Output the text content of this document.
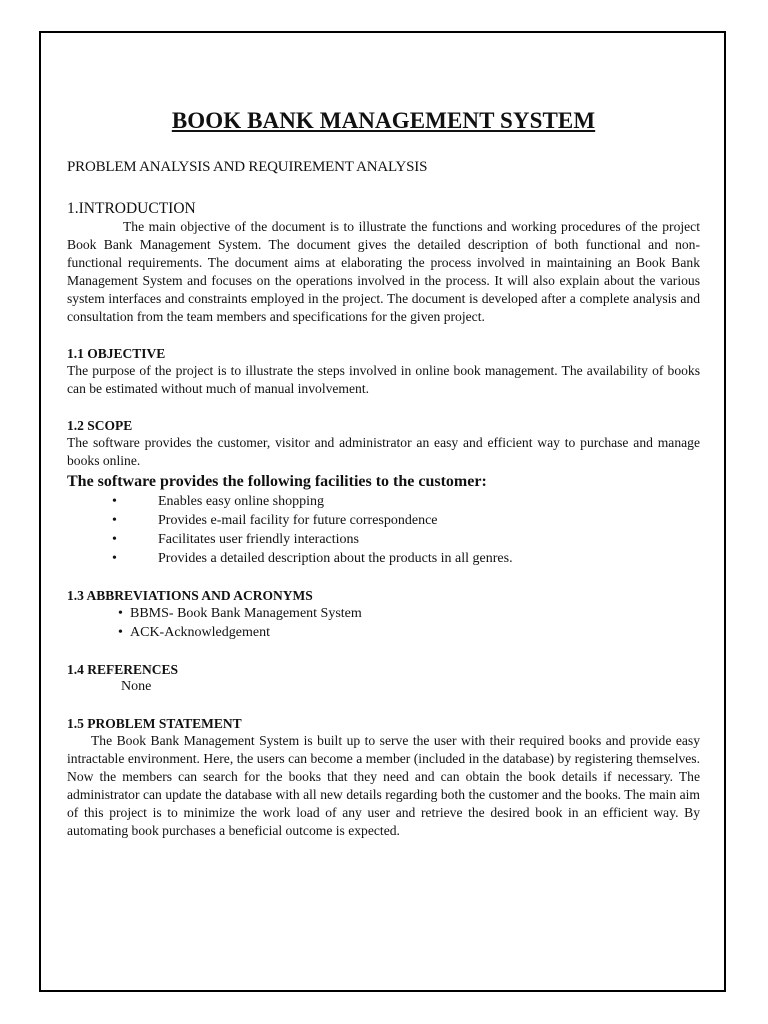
BOOK BANK MANAGEMENT SYSTEM
PROBLEM ANALYSIS AND REQUIREMENT ANALYSIS
1.INTRODUCTION

The main objective of the document is to illustrate the functions and working procedures of the project Book Bank Management System. The document gives the detailed description of both functional and non-functional requirements. The document aims at elaborating the process involved in maintaining an Book Bank Management System and focuses on the operations involved in the process. It will also explain about the various system interfaces and constraints employed in the project. The document is developed after a complete analysis and consultation from the team members and specifications for the given project.

1.1 OBJECTIVE

The purpose of the project is to illustrate the steps involved in online book management. The availability of books can be estimated without much of manual involvement.

1.2 SCOPE

The software provides the customer, visitor and administrator an easy and efficient way to purchase and manage books online.

The software provides the following facilities to the customer:
•	Enables easy online shopping
•	Provides e-mail facility for future correspondence
•	Facilitates user friendly interactions
•	Provides a detailed description about the products in all genres.
1.3 ABBREVIATIONS AND ACRONYMS
• BBMS- Book Bank Management System
• ACK-Acknowledgement
1.4 REFERENCES
None
1.5 PROBLEM STATEMENT

The Book Bank Management System is built up to serve the user with their required books and provide easy intractable environment. Here, the users can become a member (included in the database) by registering themselves. Now the members can search for the books that they need and can obtain the book details if necessary. The administrator can update the database with all new details regarding both the customer and the books. The main aim of this project is to minimize the work load of any user and retrieve the desired book in an efficient way. By automating book purchases a beneficial outcome is expected.
